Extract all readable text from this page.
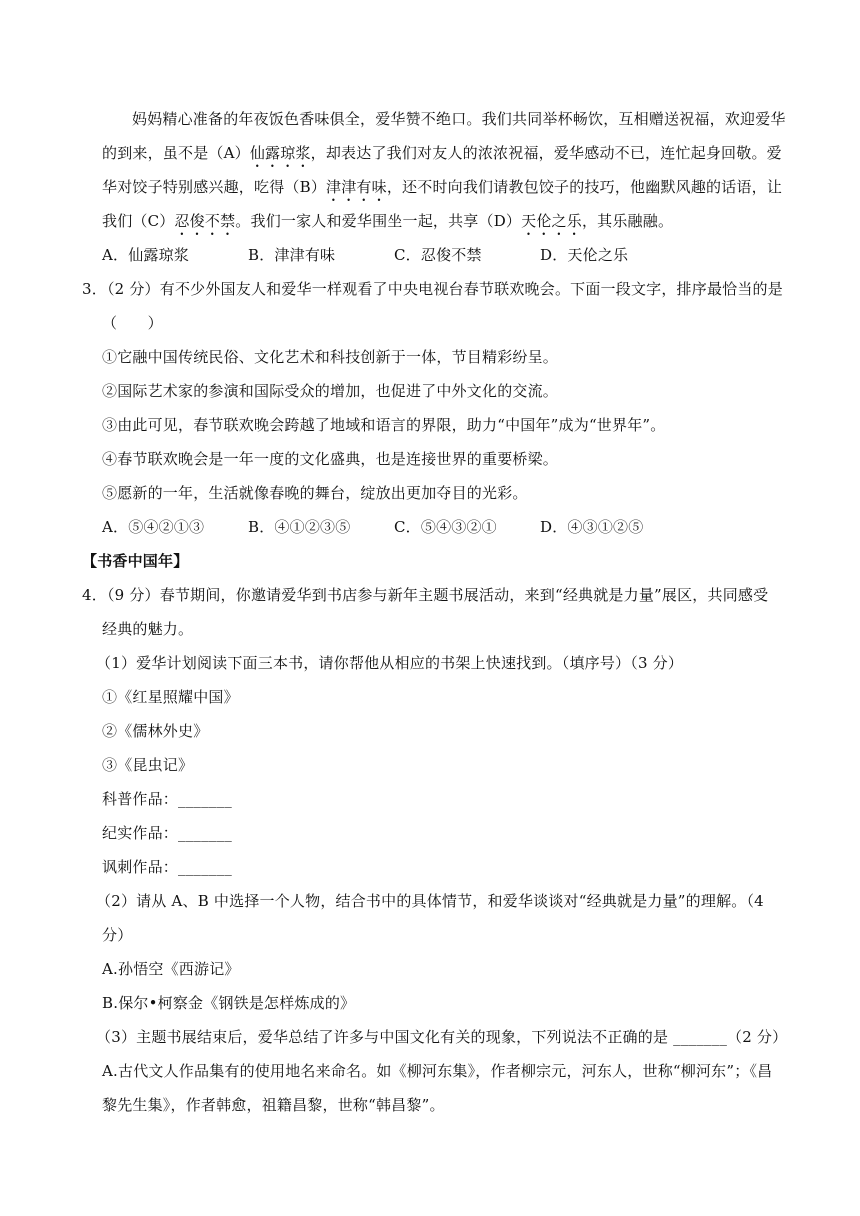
妈妈精心准备的年夜饭色香味俱全，爱华赞不绝口。我们共同举杯畅饮，互相赠送祝福，欢迎爱华
的到来，虽不是（A）仙露琼浆，却表达了我们对友人的浓浓祝福，爱华感动不已，连忙起身回敬。爱
华对饺子特别感兴趣，吃得（B）津津有味，还不时向我们请教包饺子的技巧，他幽默风趣的话语，让
我们（C）忍俊不禁。我们一家人和爱华围坐一起，共享（D）天伦之乐，其乐融融。
A．仙露琼浆	B．津津有味	C．忍俊不禁	D．天伦之乐
3．（2 分）有不少外国友人和爱华一样观看了中央电视台春节联欢晚会。下面一段文字，排序最恰当的是
（　　）
①它融中国传统民俗、文化艺术和科技创新于一体，节目精彩纷呈。
②国际艺术家的参演和国际受众的增加，也促进了中外文化的交流。
③由此可见，春节联欢晚会跨越了地域和语言的界限，助力“中国年”成为“世界年”。
④春节联欢晚会是一年一度的文化盛典，也是连接世界的重要桥梁。
⑤愿新的一年，生活就像春晚的舞台，绽放出更加夺目的光彩。
A．⑤④②①③	B．④①②③⑤	C．⑤④③②①	D．④③①②⑤
【书香中国年】
4．（9 分）春节期间，你邀请爱华到书店参与新年主题书展活动，来到“经典就是力量”展区，共同感受
经典的魅力。
（1）爱华计划阅读下面三本书，请你帮他从相应的书架上快速找到。（填序号）（3 分）
①《红星照耀中国》
②《儒林外史》
③《昆虫记》
科普作品：_______
纪实作品：_______
讽刺作品：_______
（2）请从 A、B 中选择一个人物，结合书中的具体情节，和爱华谈谈对“经典就是力量”的理解。（4
分）
A.孙悟空《西游记》
B.保尔•柯察金《钢铁是怎样炼成的》
（3）主题书展结束后，爱华总结了许多与中国文化有关的现象，下列说法不正确的是 _______（2 分）
A.古代文人作品集有的使用地名来命名。如《柳河东集》，作者柳宗元，河东人，世称“柳河东”；《昌
黎先生集》，作者韩愈，祖籍昌黎，世称“韩昌黎”。
